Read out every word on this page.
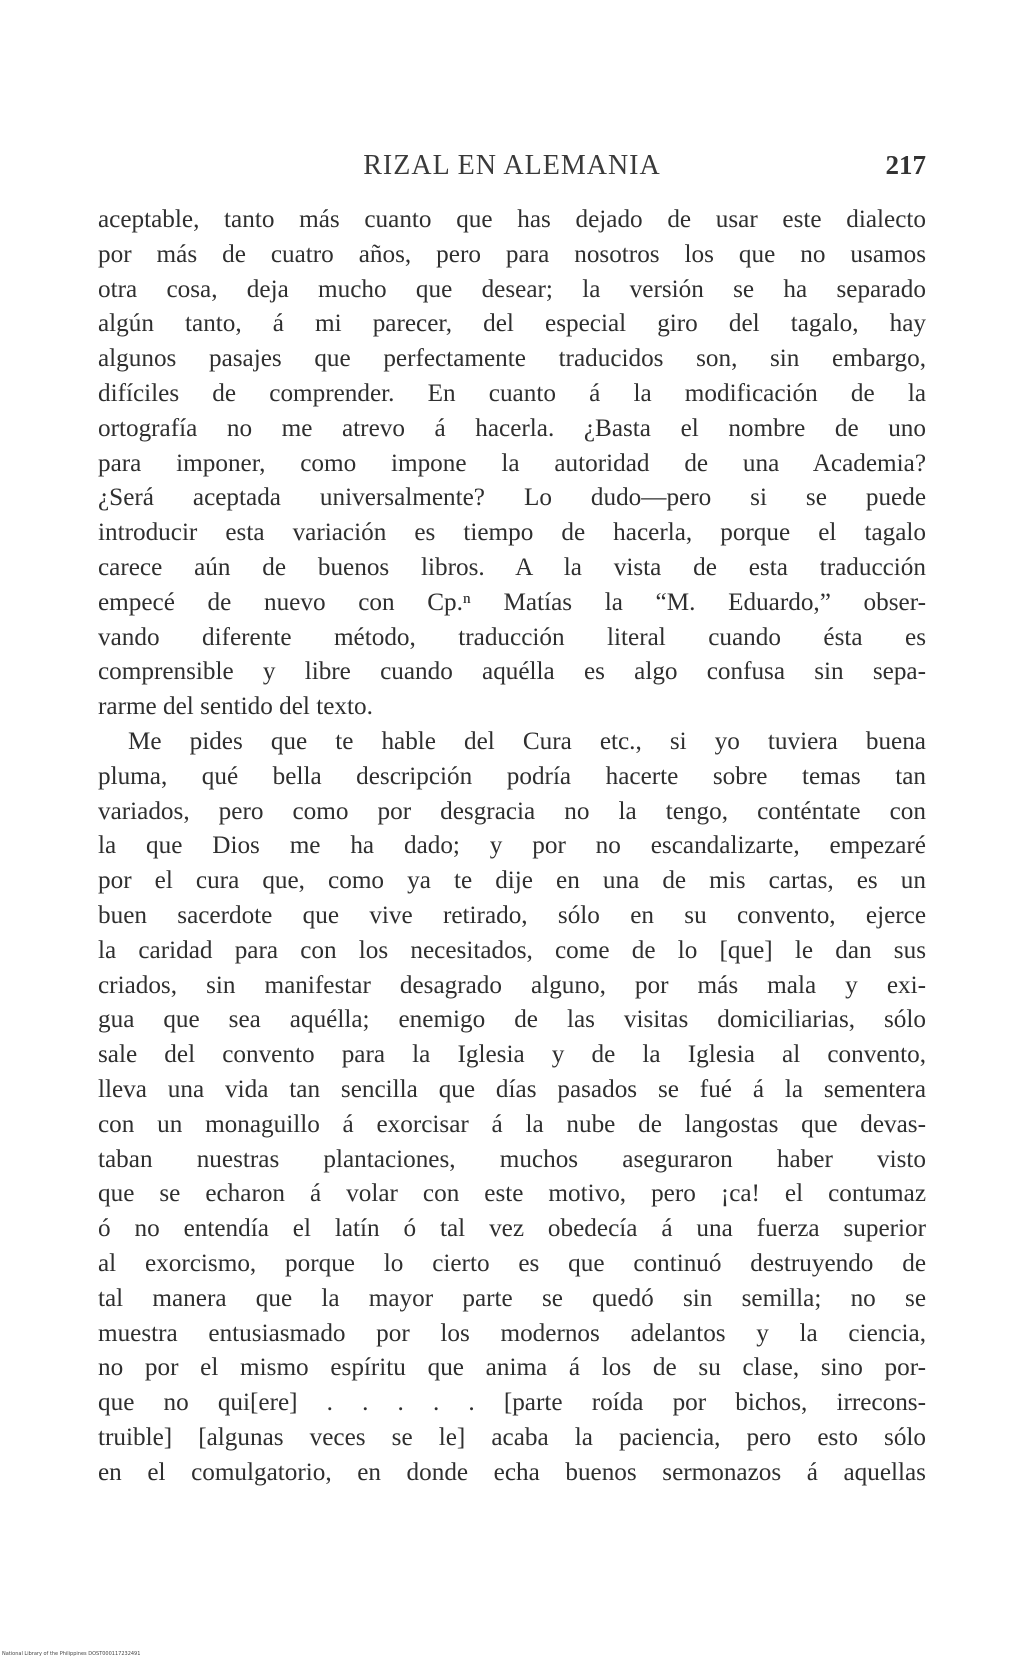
RIZAL EN ALEMANIA	217
aceptable, tanto más cuanto que has dejado de usar este dialecto
por más de cuatro años, pero para nosotros los que no usamos
otra cosa, deja mucho que desear; la versión se ha separado
algún tanto, á mi parecer, del especial giro del tagalo, hay
algunos pasajes que perfectamente traducidos son, sin embargo,
difíciles de comprender. En cuanto á la modificación de la
ortografía no me atrevo á hacerla. ¿Basta el nombre de uno
para imponer, como impone la autoridad de una Academia?
¿Será aceptada universalmente? Lo dudo—pero si se puede
introducir esta variación es tiempo de hacerla, porque el tagalo
carece aún de buenos libros. A la vista de esta traducción
empecé de nuevo con Cp.ⁿ Matías la “M. Eduardo,” obser-
vando diferente método, traducción literal cuando ésta es
comprensible y libre cuando aquélla es algo confusa sin sepa-
rarme del sentido del texto.
Me pides que te hable del Cura etc., si yo tuviera buena
pluma, qué bella descripción podría hacerte sobre temas tan
variados, pero como por desgracia no la tengo, conténtate con
la que Dios me ha dado; y por no escandalizarte, empezaré
por el cura que, como ya te dije en una de mis cartas, es un
buen sacerdote que vive retirado, sólo en su convento, ejerce
la caridad para con los necesitados, come de lo [que] le dan sus
criados, sin manifestar desagrado alguno, por más mala y exi-
gua que sea aquélla; enemigo de las visitas domiciliarias, sólo
sale del convento para la Iglesia y de la Iglesia al convento,
lleva una vida tan sencilla que días pasados se fué á la sementera
con un monaguillo á exorcisar á la nube de langostas que devas-
taban nuestras plantaciones, muchos aseguraron haber visto
que se echaron á volar con este motivo, pero ¡ca! el contumaz
ó no entendía el latín ó tal vez obedecía á una fuerza superior
al exorcismo, porque lo cierto es que continuó destruyendo de
tal manera que la mayor parte se quedó sin semilla; no se
muestra entusiasmado por los modernos adelantos y la ciencia,
no por el mismo espíritu que anima á los de su clase, sino por-
que no qui[ere] . . . . . [parte roída por bichos, irrecons-
truible] [algunas veces se le] acaba la paciencia, pero esto sólo
en el comulgatorio, en donde echa buenos sermonazos á aquellas
National Library of the Philippines DOST000117232491
